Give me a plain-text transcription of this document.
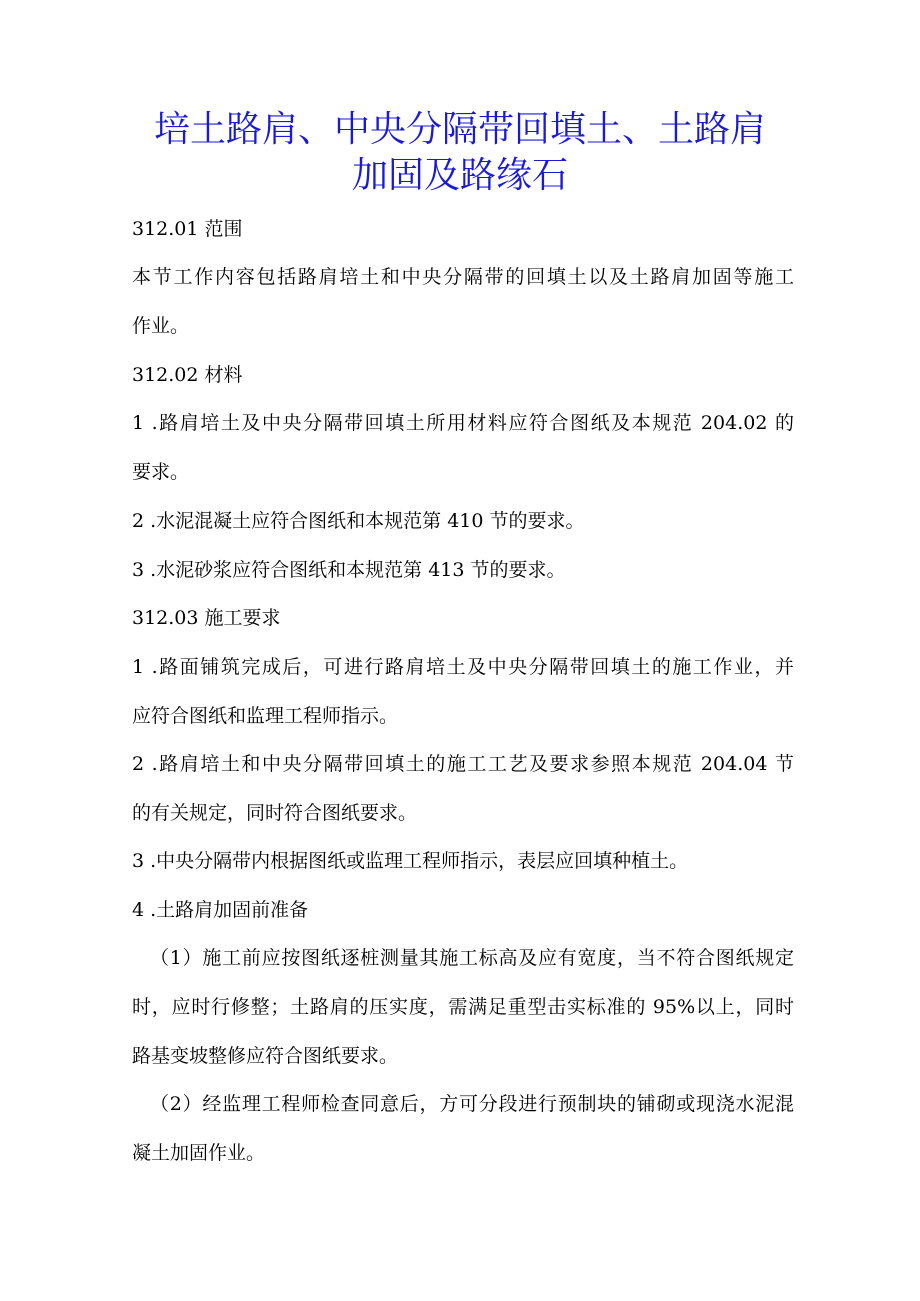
培土路肩、中央分隔带回填土、土路肩
加固及路缘石

312.01 范围

本节工作内容包括路肩培土和中央分隔带的回填土以及土路肩加固等施工

作业。

312.02 材料

1 .路肩培土及中央分隔带回填土所用材料应符合图纸及本规范 204.02 的

要求。

2 .水泥混凝土应符合图纸和本规范第 410 节的要求。

3 .水泥砂浆应符合图纸和本规范第 413 节的要求。

312.03 施工要求

1 .路面铺筑完成后，可进行路肩培土及中央分隔带回填土的施工作业，并

应符合图纸和监理工程师指示。

2 .路肩培土和中央分隔带回填土的施工工艺及要求参照本规范 204.04 节

的有关规定，同时符合图纸要求。

3 .中央分隔带内根据图纸或监理工程师指示，表层应回填种植土。

4 .土路肩加固前准备

（1）施工前应按图纸逐桩测量其施工标高及应有宽度，当不符合图纸规定

时，应时行修整；土路肩的压实度，需满足重型击实标准的 95%以上，同时

路基变坡整修应符合图纸要求。

（2）经监理工程师检查同意后，方可分段进行预制块的铺砌或现浇水泥混

凝土加固作业。
